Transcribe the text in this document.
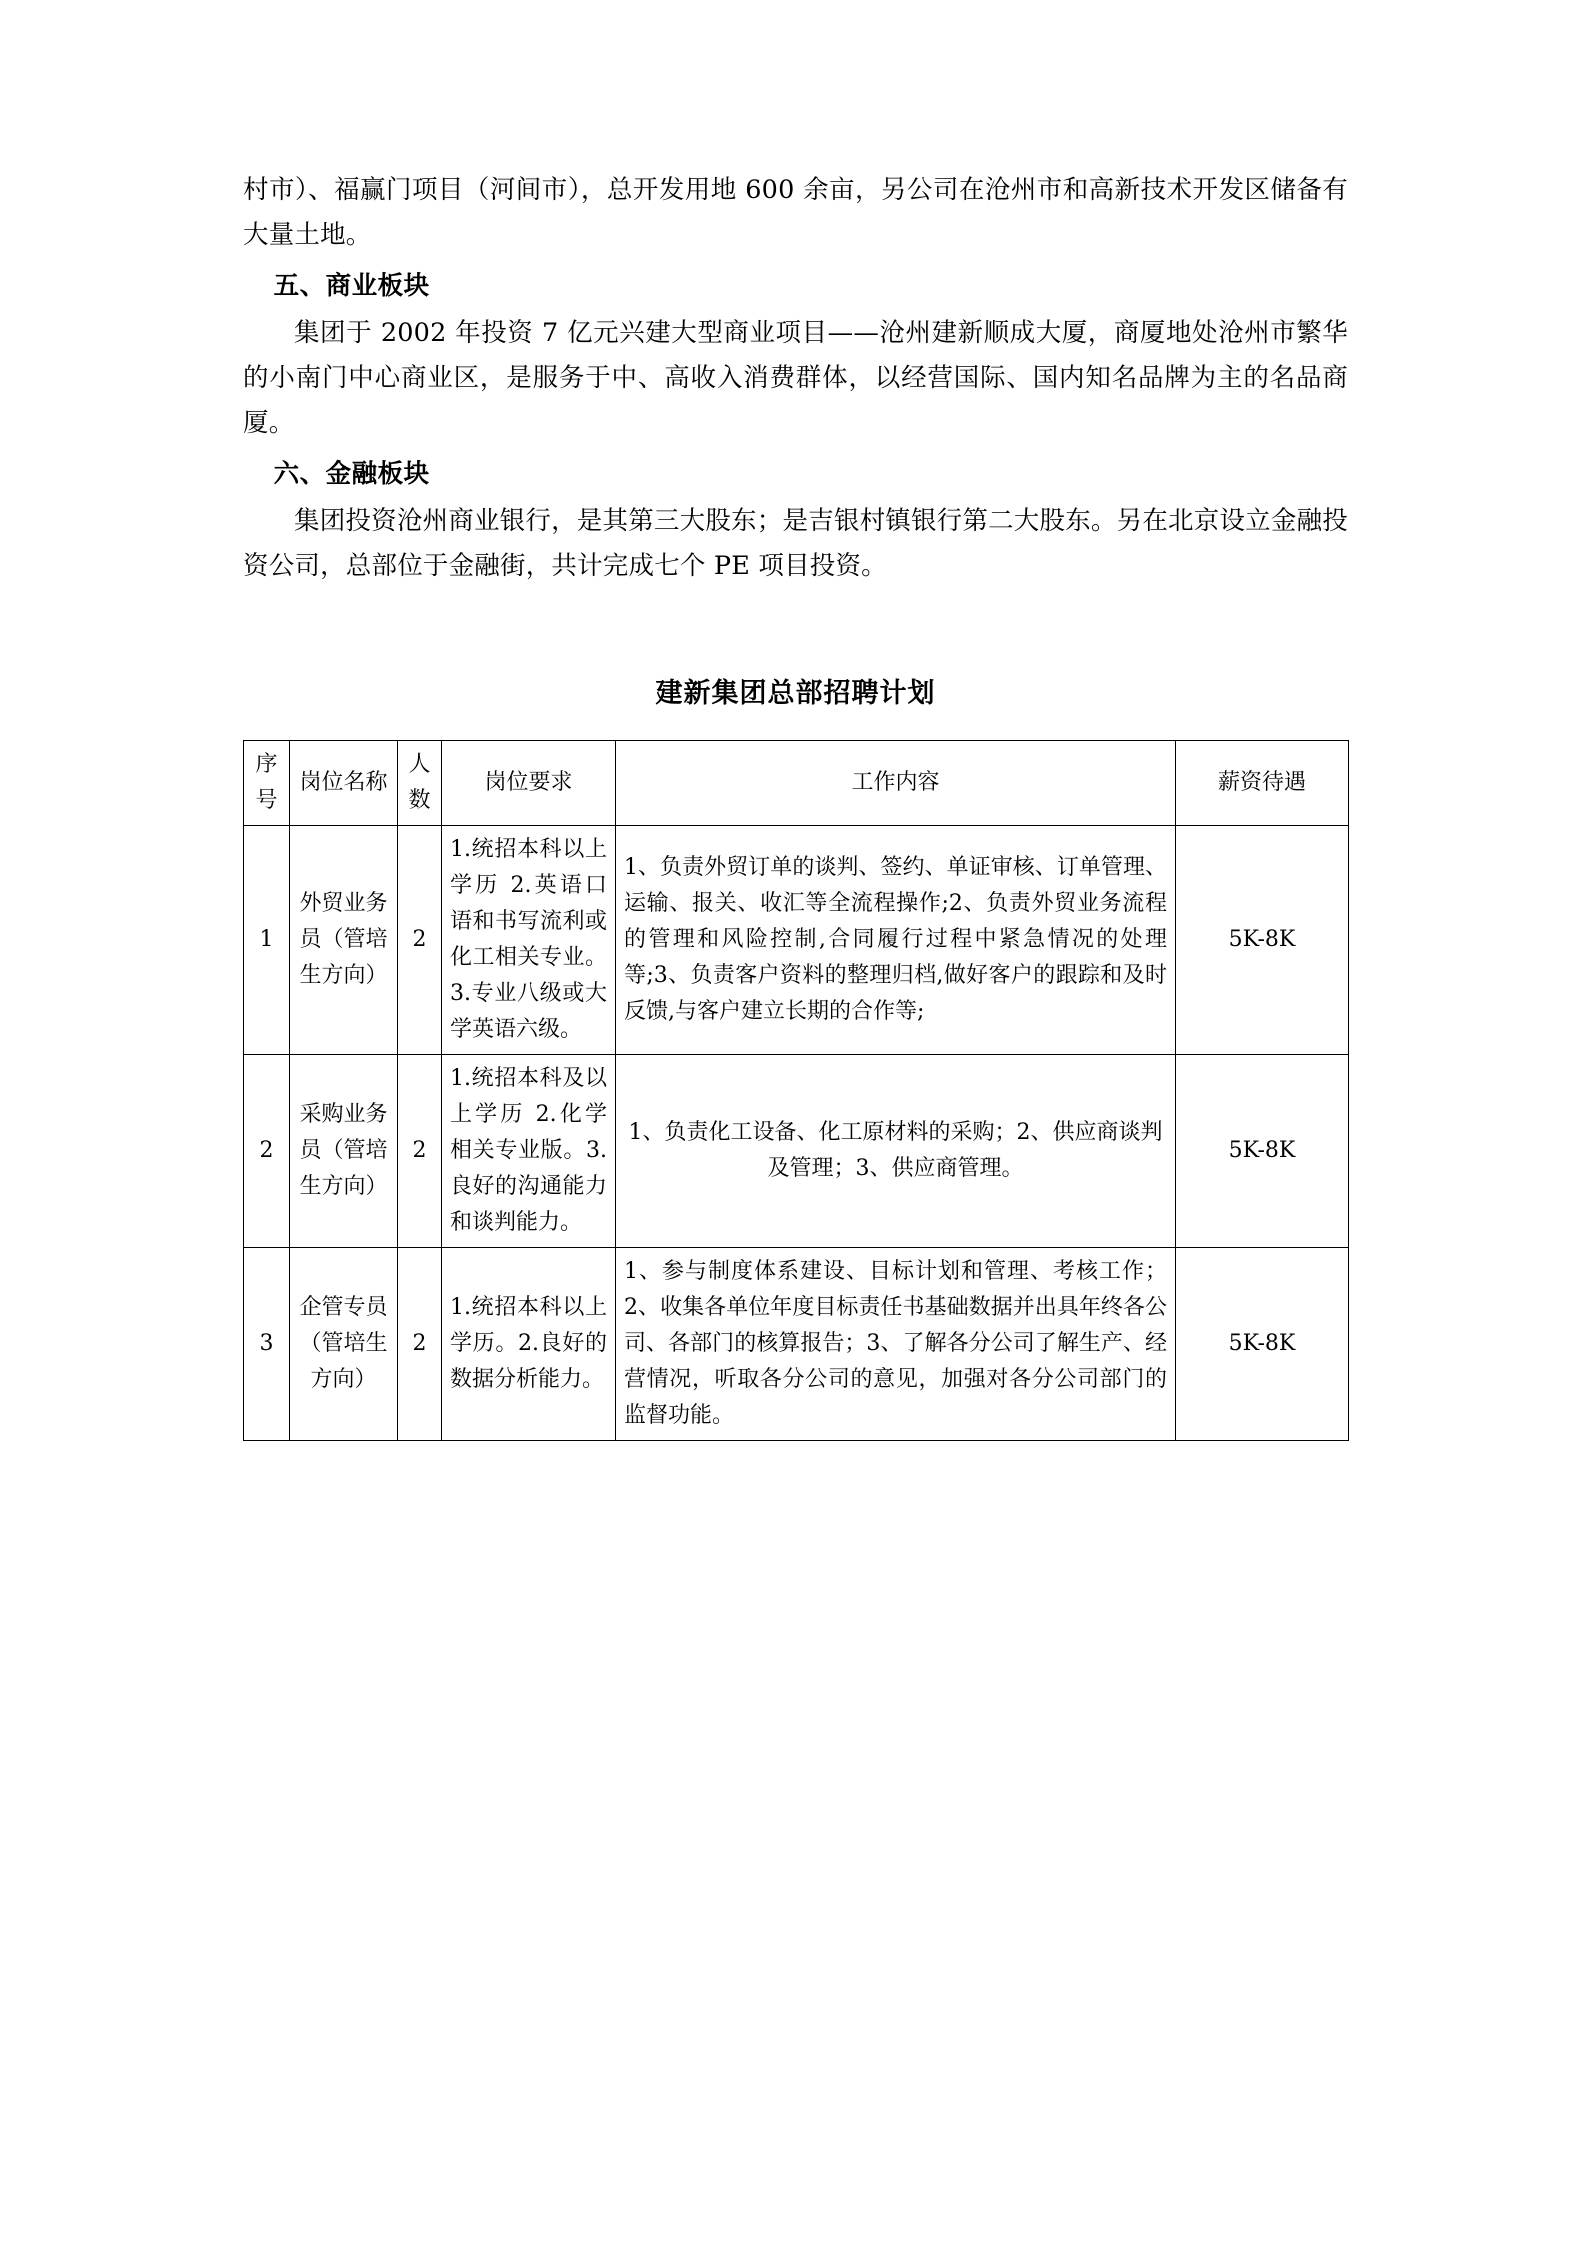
村市）、福赢门项目（河间市），总开发用地 600 余亩，另公司在沧州市和高新技术开发区储备有大量土地。

五、商业板块

集团于 2002 年投资 7 亿元兴建大型商业项目——沧州建新顺成大厦，商厦地处沧州市繁华的小南门中心商业区，是服务于中、高收入消费群体，以经营国际、国内知名品牌为主的名品商厦。

六、金融板块

集团投资沧州商业银行，是其第三大股东；是吉银村镇银行第二大股东。另在北京设立金融投资公司，总部位于金融街，共计完成七个 PE 项目投资。

建新集团总部招聘计划
序号	岗位名称	人数	岗位要求	工作内容	薪资待遇
1	外贸业务员（管培生方向）	2	1.统招本科以上学历 2.英语口语和书写流利或化工相关专业。3.专业八级或大学英语六级。	1、负责外贸订单的谈判、签约、单证审核、订单管理、运输、报关、收汇等全流程操作;2、负责外贸业务流程的管理和风险控制,合同履行过程中紧急情况的处理等;3、负责客户资料的整理归档,做好客户的跟踪和及时反馈,与客户建立长期的合作等;	5K-8K
2	采购业务员（管培生方向）	2	1.统招本科及以上学历 2.化学相关专业版。3.良好的沟通能力和谈判能力。	1、负责化工设备、化工原材料的采购；2、供应商谈判及管理；3、供应商管理。	5K-8K
3	企管专员（管培生方向）	2	1.统招本科以上学历。2.良好的数据分析能力。	1、参与制度体系建设、目标计划和管理、考核工作；2、收集各单位年度目标责任书基础数据并出具年终各公司、各部门的核算报告；3、了解各分公司了解生产、经营情况，听取各分公司的意见，加强对各分公司部门的监督功能。	5K-8K
